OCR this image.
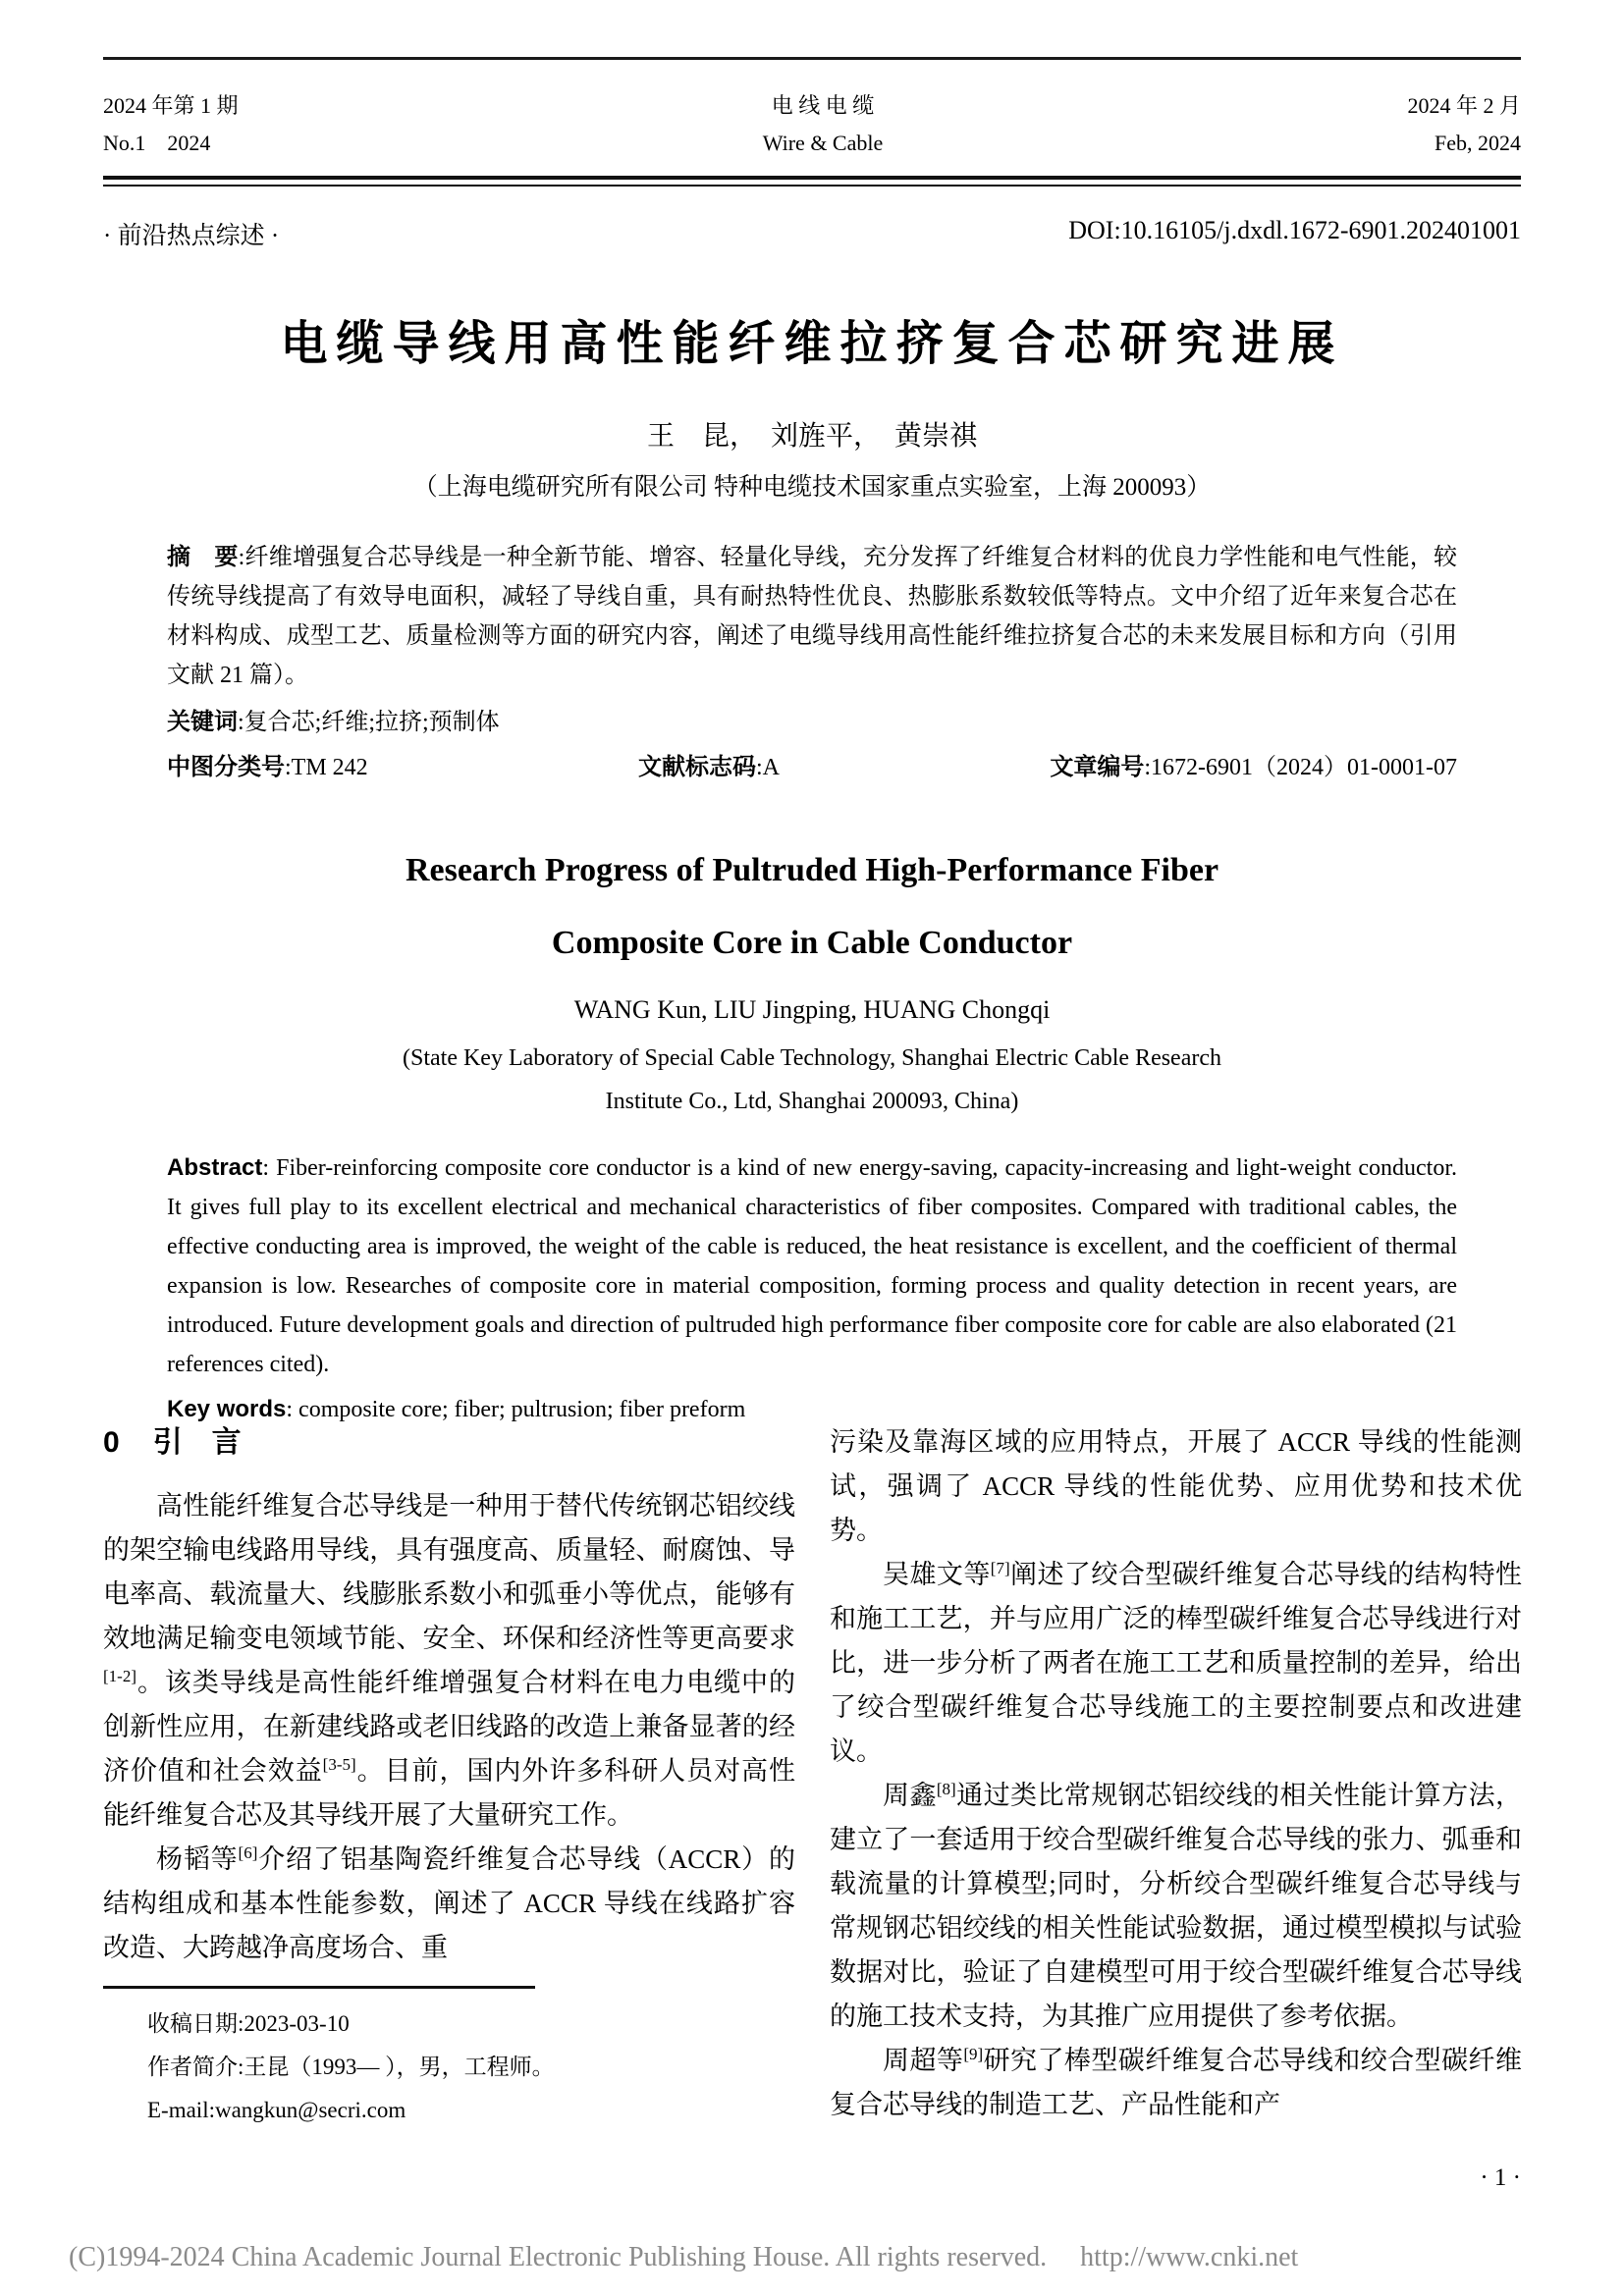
2024 年第 1 期
No.1    2024
电 线 电 缆
Wire & Cable
2024 年 2 月
Feb, 2024
· 前沿热点综述 ·	DOI:10.16105/j.dxdl.1672-6901.202401001
电缆导线用高性能纤维拉挤复合芯研究进展
王　昆，　刘旌平，　黄崇祺
（上海电缆研究所有限公司 特种电缆技术国家重点实验室，上海 200093）

摘　要:纤维增强复合芯导线是一种全新节能、增容、轻量化导线，充分发挥了纤维复合材料的优良力学性能和电气性能，较传统导线提高了有效导电面积，减轻了导线自重，具有耐热特性优良、热膨胀系数较低等特点。文中介绍了近年来复合芯在材料构成、成型工艺、质量检测等方面的研究内容，阐述了电缆导线用高性能纤维拉挤复合芯的未来发展目标和方向（引用文献 21 篇）。

关键词:复合芯;纤维;拉挤;预制体

中图分类号:TM 242	文献标志码:A	文章编号:1672-6901（2024）01-0001-07
Research Progress of Pultruded High-Performance Fiber
Composite Core in Cable Conductor
WANG Kun, LIU Jingping, HUANG Chongqi
(State Key Laboratory of Special Cable Technology, Shanghai Electric Cable Research
Institute Co., Ltd, Shanghai 200093, China)

Abstract: Fiber-reinforcing composite core conductor is a kind of new energy-saving, capacity-increasing and light-weight conductor. It gives full play to its excellent electrical and mechanical characteristics of fiber composites. Compared with traditional cables, the effective conducting area is improved, the weight of the cable is reduced, the heat resistance is excellent, and the coefficient of thermal expansion is low. Researches of composite core in material composition, forming process and quality detection in recent years, are introduced. Future development goals and direction of pultruded high performance fiber composite core for cable are also elaborated (21 references cited).

Key words: composite core; fiber; pultrusion; fiber preform

0 引　言

高性能纤维复合芯导线是一种用于替代传统钢芯铝绞线的架空输电线路用导线，具有强度高、质量轻、耐腐蚀、导电率高、载流量大、线膨胀系数小和弧垂小等优点，能够有效地满足输变电领域节能、安全、环保和经济性等更高要求[1-2]。该类导线是高性能纤维增强复合材料在电力电缆中的创新性应用，在新建线路或老旧线路的改造上兼备显著的经济价值和社会效益[3-5]。目前，国内外许多科研人员对高性能纤维复合芯及其导线开展了大量研究工作。

杨韬等[6]介绍了铝基陶瓷纤维复合芯导线（ACCR）的结构组成和基本性能参数，阐述了 ACCR 导线在线路扩容改造、大跨越净高度场合、重

收稿日期:2023-03-10
作者简介:王昆（1993— ），男，工程师。
E-mail:wangkun@secri.com

污染及靠海区域的应用特点，开展了 ACCR 导线的性能测试，强调了 ACCR 导线的性能优势、应用优势和技术优势。

吴雄文等[7]阐述了绞合型碳纤维复合芯导线的结构特性和施工工艺，并与应用广泛的棒型碳纤维复合芯导线进行对比，进一步分析了两者在施工工艺和质量控制的差异，给出了绞合型碳纤维复合芯导线施工的主要控制要点和改进建议。

周鑫[8]通过类比常规钢芯铝绞线的相关性能计算方法，建立了一套适用于绞合型碳纤维复合芯导线的张力、弧垂和载流量的计算模型;同时，分析绞合型碳纤维复合芯导线与常规钢芯铝绞线的相关性能试验数据，通过模型模拟与试验数据对比，验证了自建模型可用于绞合型碳纤维复合芯导线的施工技术支持，为其推广应用提供了参考依据。

周超等[9]研究了棒型碳纤维复合芯导线和绞合型碳纤维复合芯导线的制造工艺、产品性能和产

· 1 ·

(C)1994-2024 China Academic Journal Electronic Publishing House. All rights reserved. http://www.cnki.net
